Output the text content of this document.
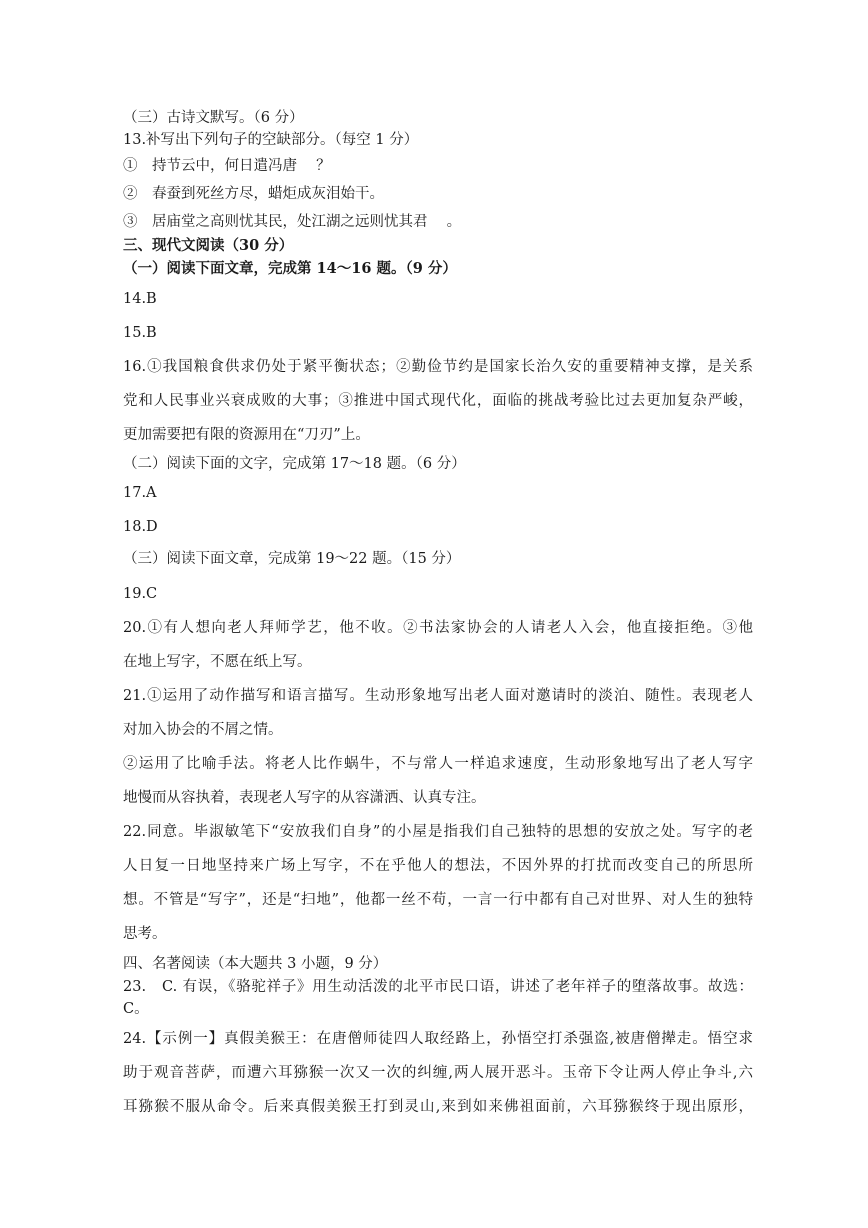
（三）古诗文默写。（6 分）
13.补写出下列句子的空缺部分。（每空 1 分）
①　持节云中，何日遣冯唐　 ？
②　春蚕到死丝方尽，蜡炬成灰泪始干。
③　居庙堂之高则忧其民，处江湖之远则忧其君　 。
三、现代文阅读（30 分）
（一）阅读下面文章，完成第 14～16 题。（9 分）
14.B
15.B
16.①我国粮食供求仍处于紧平衡状态；②勤俭节约是国家长治久安的重要精神支撑，是关系
党和人民事业兴衰成败的大事；③推进中国式现代化，面临的挑战考验比过去更加复杂严峻，
更加需要把有限的资源用在“刀刃”上。
（二）阅读下面的文字，完成第 17～18 题。（6 分）
17.A
18.D
（三）阅读下面文章，完成第 19～22 题。（15 分）
19.C
20.①有人想向老人拜师学艺，他不收。②书法家协会的人请老人入会，他直接拒绝。③他
在地上写字，不愿在纸上写。
21.①运用了动作描写和语言描写。生动形象地写出老人面对邀请时的淡泊、随性。表现老人
对加入协会的不屑之情。
②运用了比喻手法。将老人比作蜗牛，不与常人一样追求速度，生动形象地写出了老人写字
地慢而从容执着，表现老人写字的从容潇洒、认真专注。
22.同意。毕淑敏笔下“安放我们自身”的小屋是指我们自己独特的思想的安放之处。写字的老
人日复一日地坚持来广场上写字，不在乎他人的想法，不因外界的打扰而改变自己的所思所
想。不管是“写字”，还是“扫地”，他都一丝不苟，一言一行中都有自己对世界、对人生的独特
思考。
四、名著阅读（本大题共 3 小题，9 分）
23.　C. 有误，《骆驼祥子》用生动活泼的北平市民口语，讲述了老年祥子的堕落故事。故选：
C。
24.【示例一】真假美猴王：在唐僧师徒四人取经路上，孙悟空打杀强盗,被唐僧撵走。悟空求
助于观音菩萨，而遭六耳猕猴一次又一次的纠缠,两人展开恶斗。玉帝下令让两人停止争斗,六
耳猕猴不服从命令。后来真假美猴王打到灵山,来到如来佛祖面前，六耳猕猴终于现出原形，
